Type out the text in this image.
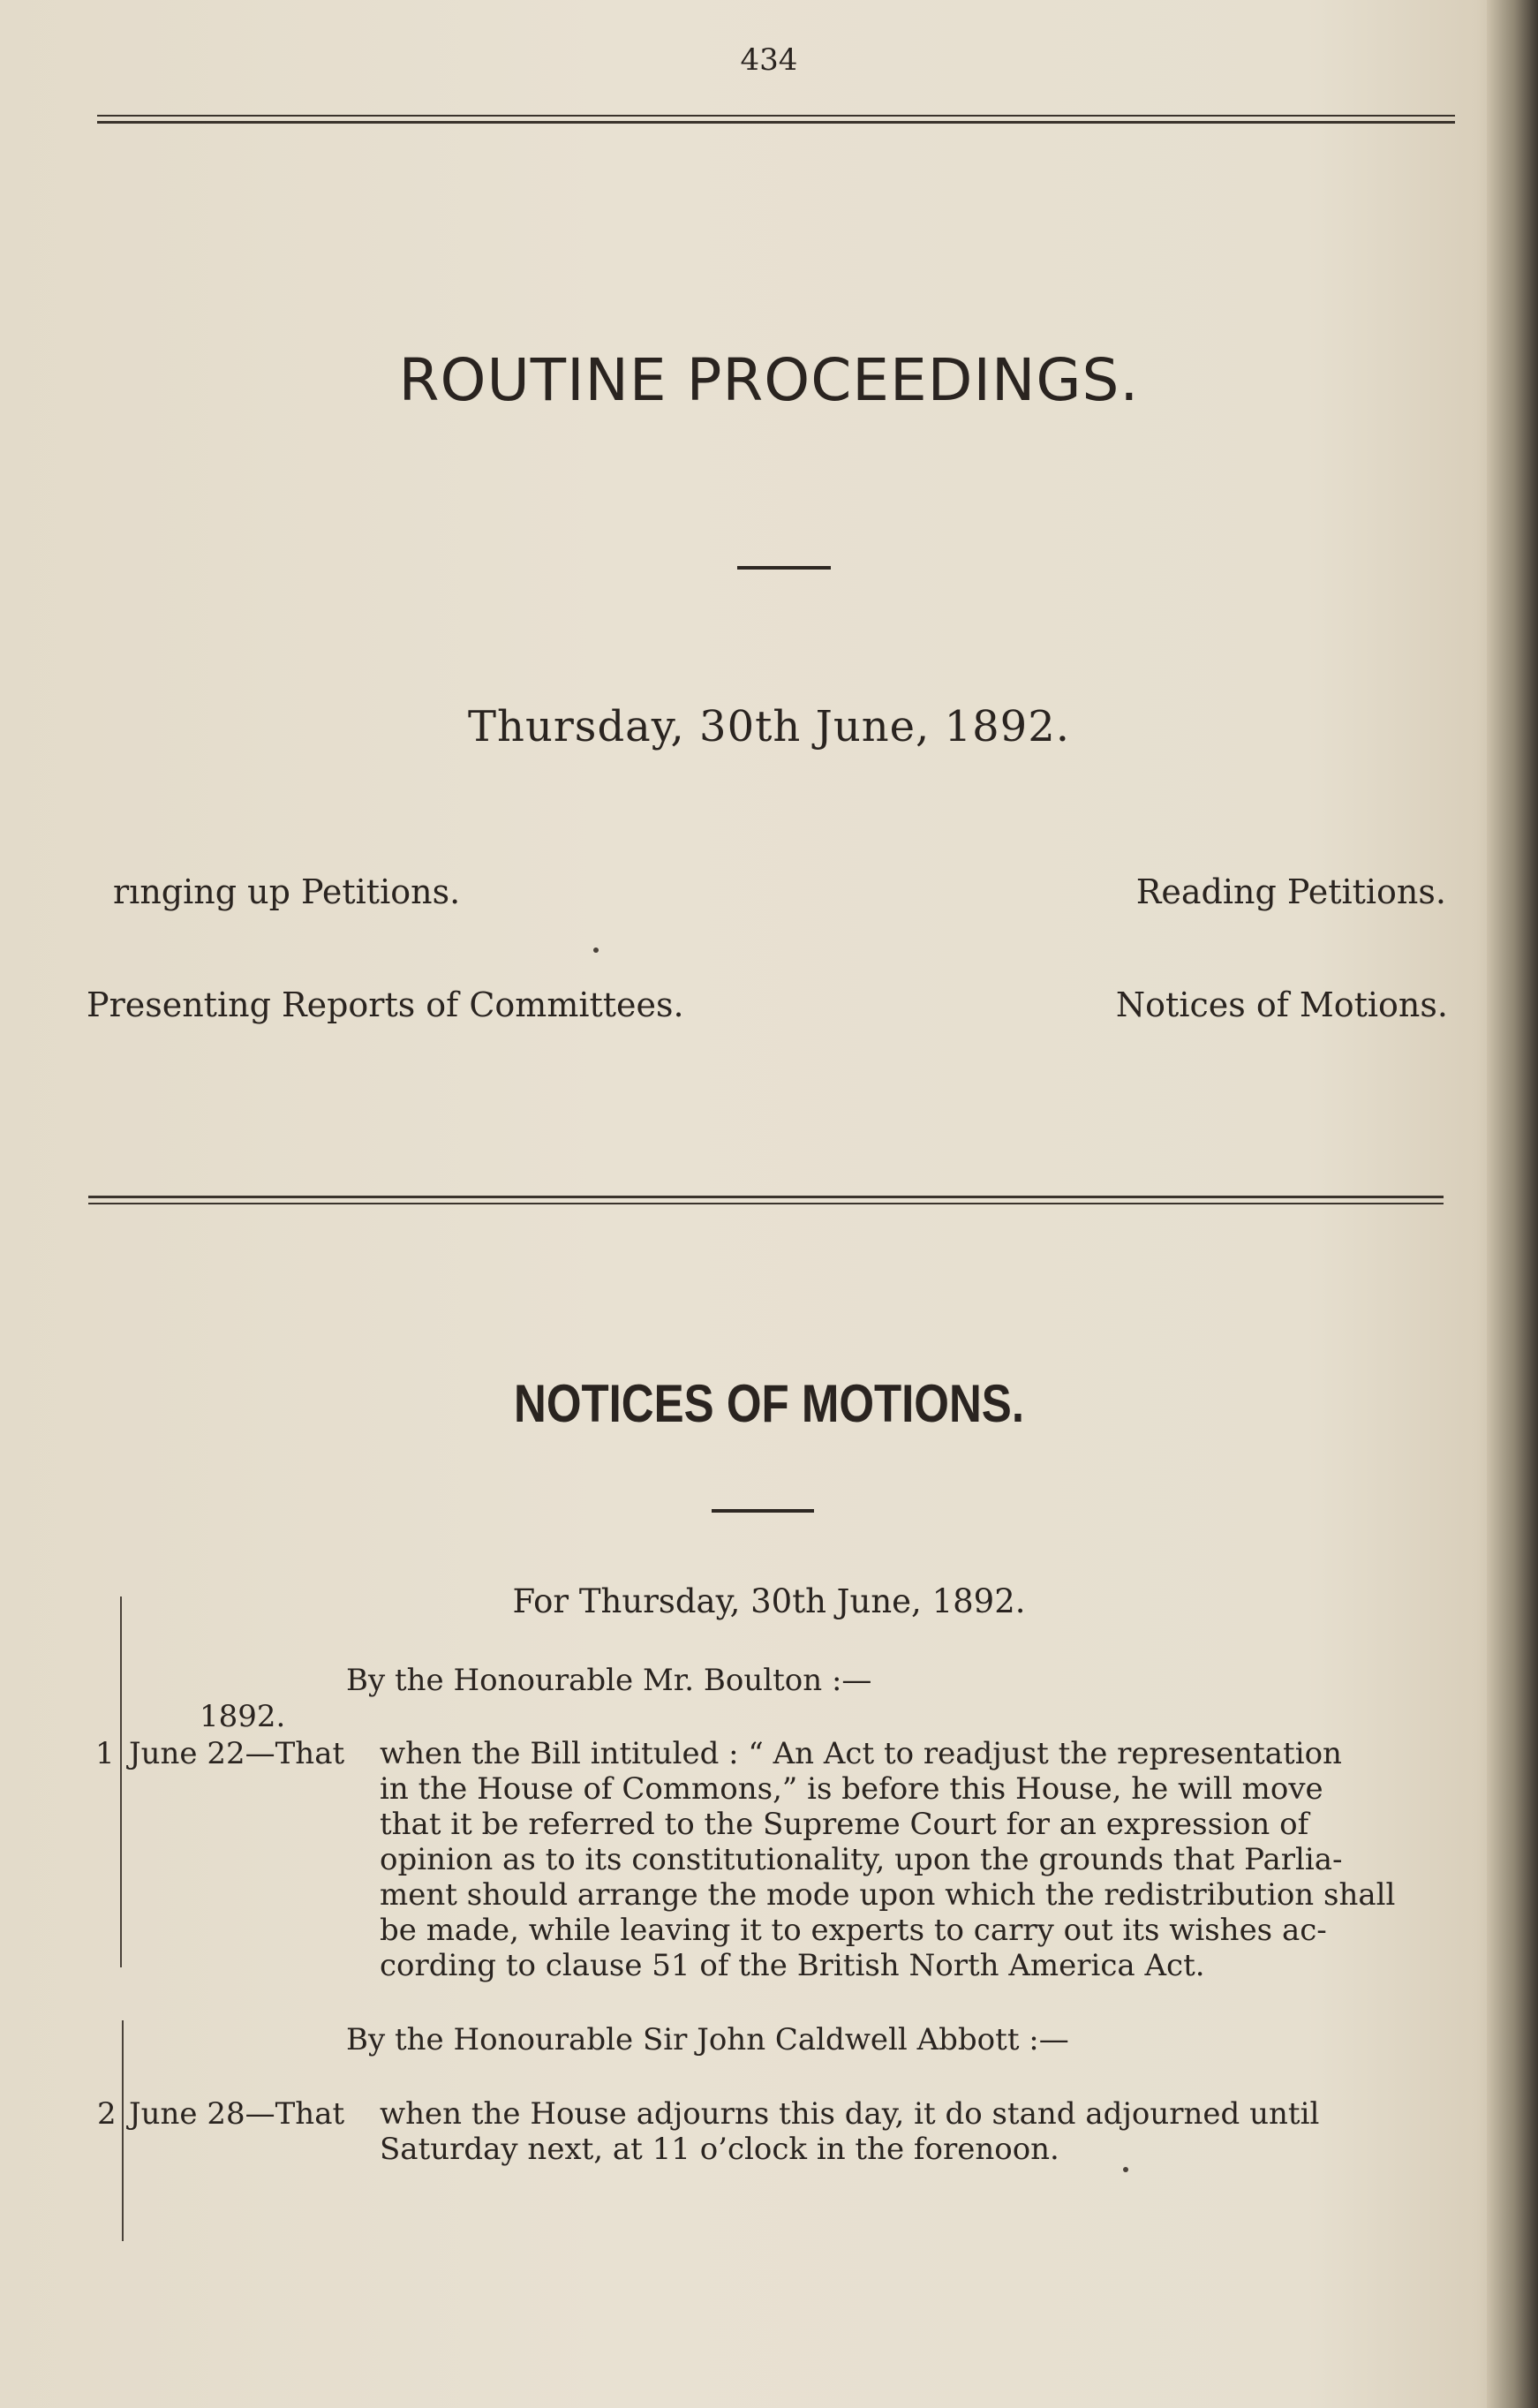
434
ROUTINE PROCEEDINGS.
Thursday, 30th June, 1892.
rınging up Petitions.	Reading Petitions.
Presenting Reports of Committees.	Notices of Motions.
NOTICES OF MOTIONS.
For Thursday, 30th June, 1892.
By the Honourable Mr. Boulton :—
1892.
1 June 22—That when the Bill intituled : “ An Act to readjust the representation
in the House of Commons,” is before this House, he will move
that it be referred to the Supreme Court for an expression of
opinion as to its constitutionality, upon the grounds that Parlia-
ment should arrange the mode upon which the redistribution shall
be made, while leaving it to experts to carry out its wishes ac-
cording to clause 51 of the British North America Act.
By the Honourable Sir John Caldwell Abbott :—
2 June 28—That when the House adjourns this day, it do stand adjourned until
Saturday next, at 11 o’clock in the forenoon.
